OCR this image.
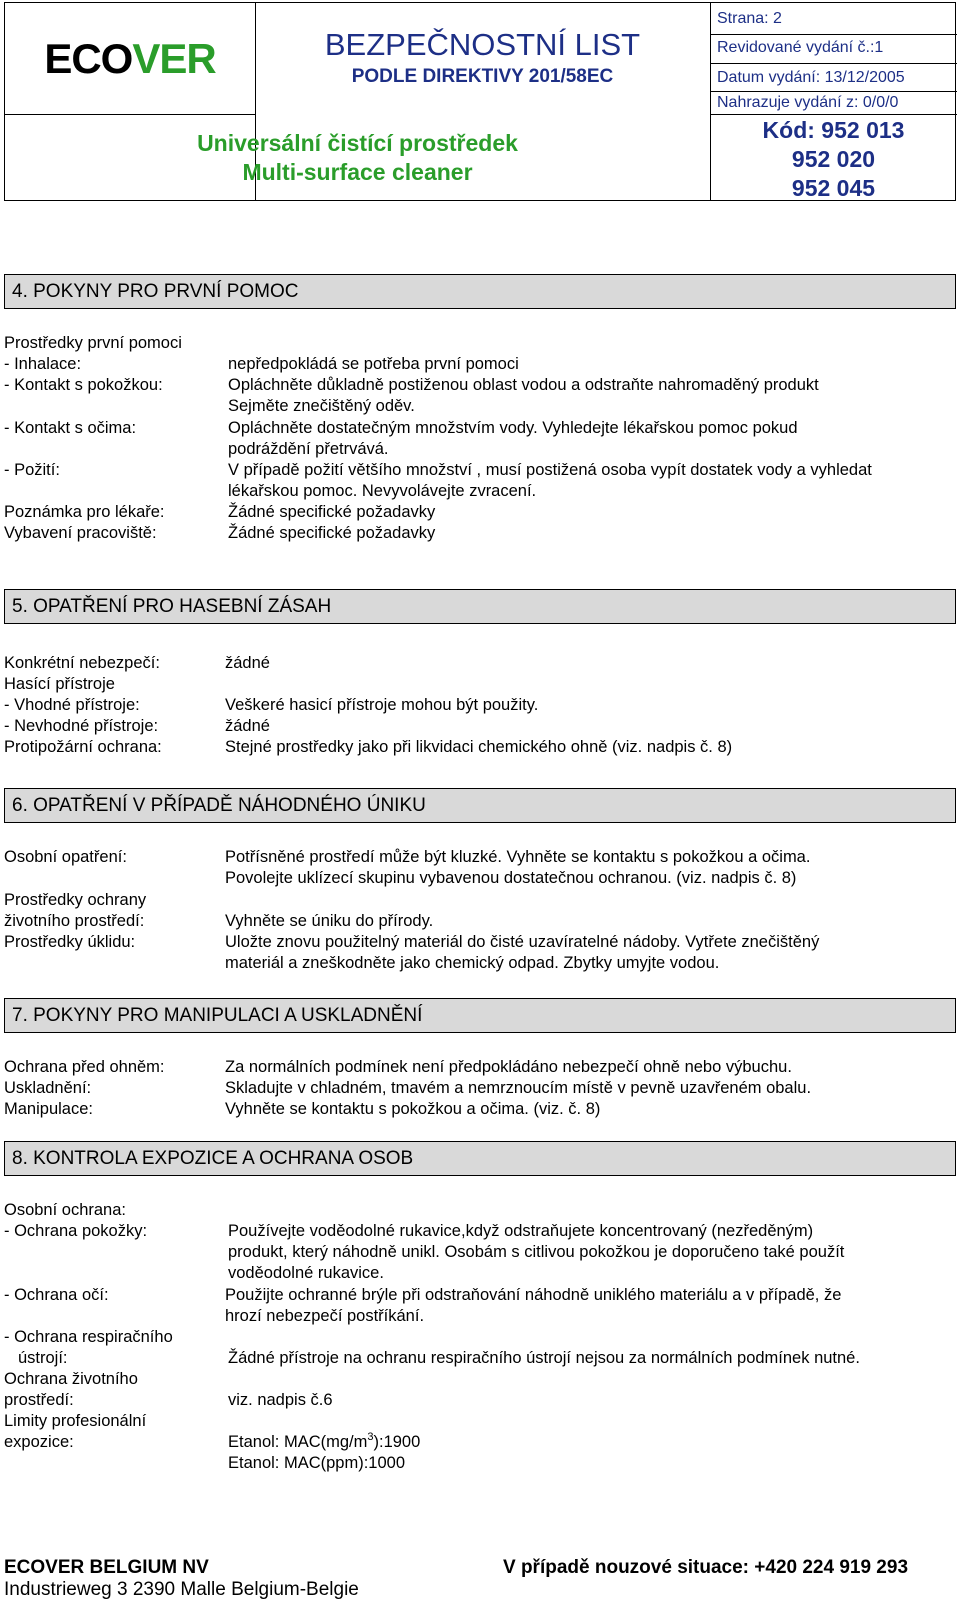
ECO VER	BEZPEČNOSTNÍ LIST
PODLE DIREKTIVY 201/58EC
Universální čistící prostředek
Multi-surface cleaner
Strana: 2
Revidované vydání č.:1
Datum vydání: 13/12/2005
Nahrazuje vydání z: 0/0/0
Kód: 952 013
952 020
952 045
4. POKYNY PRO PRVNÍ POMOC
Prostředky první pomoci
- Inhalace:	nepředpokládá se potřeba první pomoci
- Kontakt s pokožkou:	Opláchněte důkladně postiženou oblast vodou a odstraňte nahromaděný produkt
Sejměte znečištěný oděv.
- Kontakt s očima:	Opláchněte dostatečným množstvím vody. Vyhledejte lékařskou pomoc pokud
podráždění přetrvává.
- Požití:	V případě požití většího množství , musí postižená osoba vypít dostatek vody a vyhledat
lékařskou pomoc. Nevyvolávejte zvracení.
Poznámka pro lékaře:	Žádné specifické požadavky
Vybavení pracoviště:	Žádné specifické požadavky
5. OPATŘENÍ PRO HASEBNÍ ZÁSAH
Konkrétní nebezpečí:	žádné
Hasící přístroje
- Vhodné přístroje:	Veškeré hasicí přístroje mohou být použity.
- Nevhodné přístroje:	žádné
Protipožární ochrana:	Stejné prostředky jako při likvidaci chemického ohně (viz. nadpis č. 8)
6. OPATŘENÍ V PŘÍPADĚ NÁHODNÉHO ÚNIKU
Osobní opatření:	Potřísněné prostředí může být kluzké. Vyhněte se kontaktu s pokožkou a očima.
Povolejte uklízecí skupinu vybavenou dostatečnou ochranou. (viz. nadpis č. 8)
Prostředky ochrany
životního prostředí:	Vyhněte se úniku do přírody.
Prostředky úklidu:	Uložte znovu použitelný materiál do čisté uzavíratelné nádoby. Vytřete znečištěný
materiál a zneškodněte jako chemický odpad. Zbytky umyjte vodou.
7. POKYNY PRO MANIPULACI A USKLADNĚNÍ
Ochrana před ohněm:	Za normálních podmínek není předpokládáno nebezpečí ohně nebo výbuchu.
Uskladnění:	Skladujte v chladném, tmavém a nemrznoucím místě v pevně uzavřeném obalu.
Manipulace:	Vyhněte se kontaktu s pokožkou a očima. (viz. č. 8)
8. KONTROLA EXPOZICE A OCHRANA OSOB
Osobní ochrana:
- Ochrana pokožky:	Používejte voděodolné rukavice,když odstraňujete koncentrovaný (nezředěným)
produkt, který náhodně unikl. Osobám s citlivou pokožkou je doporučeno také použít
voděodolné rukavice.
- Ochrana očí:	Použijte ochranné brýle při odstraňování náhodně uniklého materiálu a v případě, že
hrozí nebezpečí postříkání.
- Ochrana respiračního
ústrojí:	Žádné přístroje na ochranu respiračního ústrojí nejsou za normálních podmínek nutné.
Ochrana životního
prostředí:	viz. nadpis č.6
Limity profesionální
expozice:	Etanol: $MAC(mg/m^3):1900$
Etanol: MAC(ppm):1000
ECOVER BELGIUM NV
Industrieweg 3 2390 Malle Belgium-Belgie
V případě nouzové situace: +420 224 919 293
